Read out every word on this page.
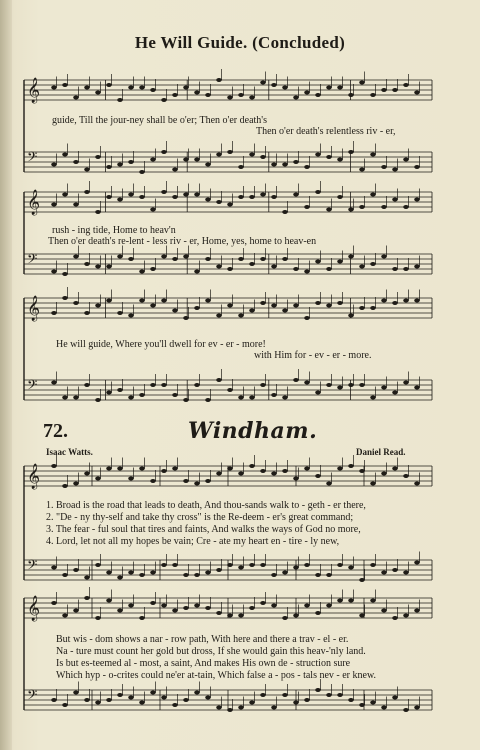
He Will Guide. (Concluded)
𝄞
𝄢
𝄞
𝄢
𝄞
𝄢
𝄞
𝄢
𝄞
𝄢
guide, Till the jour-ney shall be o'er; Then o'er death's
Then o'er death's relentless riv - er,
rush - ing tide, Home to heav'n
Then o'er death's re-lent - less riv - er, Home, yes, home to heav-en
He will guide, Where you'll dwell for ev - er - more!
with Him for - ev - er - more.
72.	Windham.
Isaac Watts.	Daniel Read.
1. Broad is the road that leads to death, And thou-sands walk to - geth - er there,
2. "De - ny thy-self and take thy cross" is the Re-deem - er's great command;
3. The fear - ful soul that tires and faints, And walks the ways of God no more,
4. Lord, let not all my hopes be vain; Cre - ate my heart en - tire - ly new,
But wis - dom shows a nar - row path, With here and there a trav - el - er.
Na - ture must count her gold but dross, If she would gain this heav-'nly land.
Is but es-teemed al - most, a saint, And makes His own de - struction sure
Which hyp - o-crites could ne'er at-tain, Which false a - pos - tals nev - er knew.
